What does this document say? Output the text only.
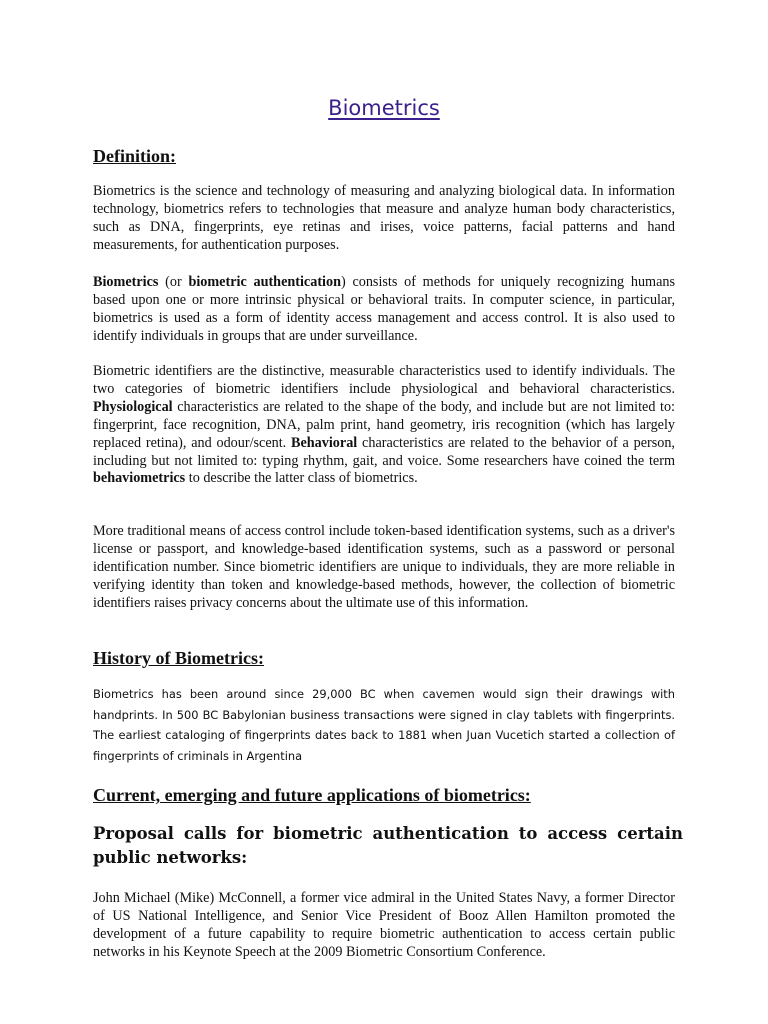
Biometrics
Definition:

Biometrics is the science and technology of measuring and analyzing biological data. In information technology, biometrics refers to technologies that measure and analyze human body characteristics, such as DNA, fingerprints, eye retinas and irises, voice patterns, facial patterns and hand measurements, for authentication purposes.

Biometrics (or biometric authentication) consists of methods for uniquely recognizing humans based upon one or more intrinsic physical or behavioral traits. In computer science, in particular, biometrics is used as a form of identity access management and access control. It is also used to identify individuals in groups that are under surveillance.

Biometric identifiers are the distinctive, measurable characteristics used to identify individuals. The two categories of biometric identifiers include physiological and behavioral characteristics. Physiological characteristics are related to the shape of the body, and include but are not limited to: fingerprint, face recognition, DNA, palm print, hand geometry, iris recognition (which has largely replaced retina), and odour/scent. Behavioral characteristics are related to the behavior of a person, including but not limited to: typing rhythm, gait, and voice. Some researchers have coined the term behaviometrics to describe the latter class of biometrics.

More traditional means of access control include token-based identification systems, such as a driver's license or passport, and knowledge-based identification systems, such as a password or personal identification number. Since biometric identifiers are unique to individuals, they are more reliable in verifying identity than token and knowledge-based methods, however, the collection of biometric identifiers raises privacy concerns about the ultimate use of this information.

History of Biometrics:

Biometrics has been around since 29,000 BC when cavemen would sign their drawings with handprints. In 500 BC Babylonian business transactions were signed in clay tablets with fingerprints. The earliest cataloging of fingerprints dates back to 1881 when Juan Vucetich started a collection of fingerprints of criminals in Argentina

Current, emerging and future applications of biometrics:
Proposal calls for biometric authentication to access certain public networks:

John Michael (Mike) McConnell, a former vice admiral in the United States Navy, a former Director of US National Intelligence, and Senior Vice President of Booz Allen Hamilton promoted the development of a future capability to require biometric authentication to access certain public networks in his Keynote Speech at the 2009 Biometric Consortium Conference.
